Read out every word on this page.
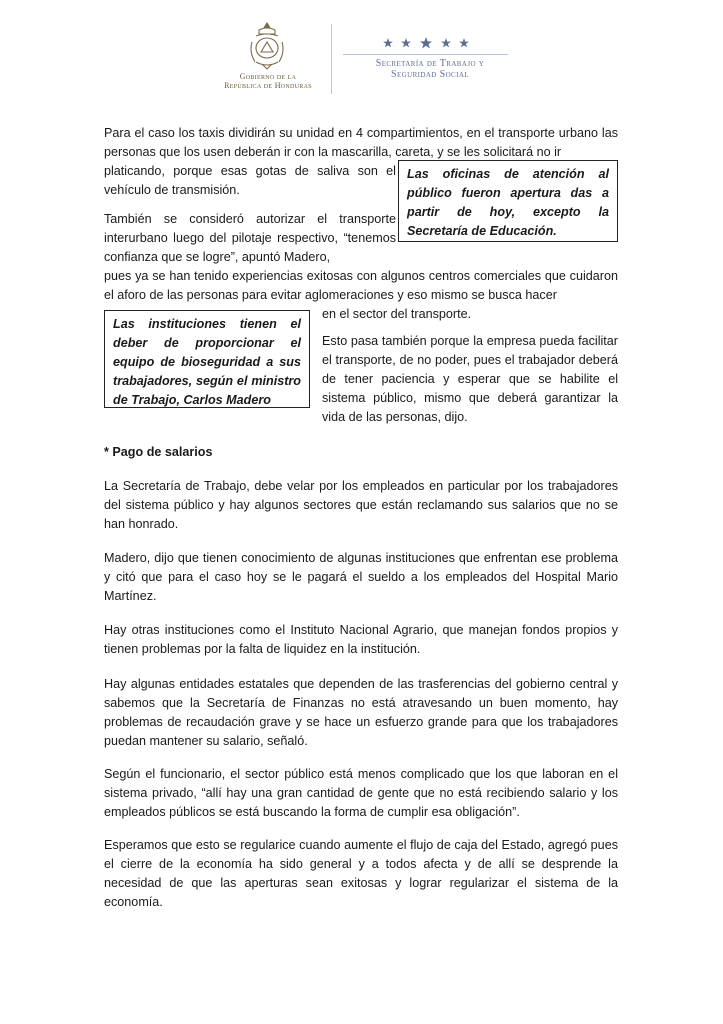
Gobierno de la
República de Honduras
Secretaría de Trabajo y
Seguridad Social

Para el caso los taxis dividirán su unidad en 4 compartimientos, en el transporte urbano las personas que los usen deberán ir con la mascarilla, careta, y se les solicitará no ir

platicando, porque esas gotas de saliva son el vehículo de transmisión.

Las oficinas de atención al público fueron apertura das a partir de hoy, excepto la Secretaría de Educación.

También se consideró autorizar el transporte interurbano luego del pilotaje respectivo, “tenemos confianza que se logre”, apuntó Madero,

pues ya se han tenido experiencias exitosas con algunos centros comerciales que cuidaron el aforo de las personas para evitar aglomeraciones y eso mismo se busca hacer

en el sector del transporte.

Las instituciones tienen el deber de proporcionar el equipo de bioseguridad a sus trabajadores, según el ministro de Trabajo, Carlos Madero

Esto pasa también porque la empresa pueda facilitar el transporte, de no poder, pues el trabajador deberá de tener paciencia y esperar que se habilite el sistema público, mismo que deberá garantizar la vida de las personas, dijo.

* Pago de salarios

La Secretaría de Trabajo, debe velar por los empleados en particular por los trabajadores del sistema público y hay algunos sectores que están reclamando sus salarios que no se han honrado.

Madero, dijo que tienen conocimiento de algunas instituciones que enfrentan ese problema y citó que para el caso hoy se le pagará el sueldo a los empleados del Hospital Mario Martínez.

Hay otras instituciones como el Instituto Nacional Agrario, que manejan fondos propios y tienen problemas por la falta de liquidez en la institución.

Hay algunas entidades estatales que dependen de las trasferencias del gobierno central y sabemos que la Secretaría de Finanzas no está atravesando un buen momento, hay problemas de recaudación grave y se hace un esfuerzo grande para que los trabajadores puedan mantener su salario, señaló.

Según el funcionario, el sector público está menos complicado que los que laboran en el sistema privado, “allí hay una gran cantidad de gente que no está recibiendo salario y los empleados públicos se está buscando la forma de cumplir esa obligación”.

Esperamos que esto se regularice cuando aumente el flujo de caja del Estado, agregó pues el cierre de la economía ha sido general y a todos afecta y de allí se desprende la necesidad de que las aperturas sean exitosas y lograr regularizar el sistema de la economía.
